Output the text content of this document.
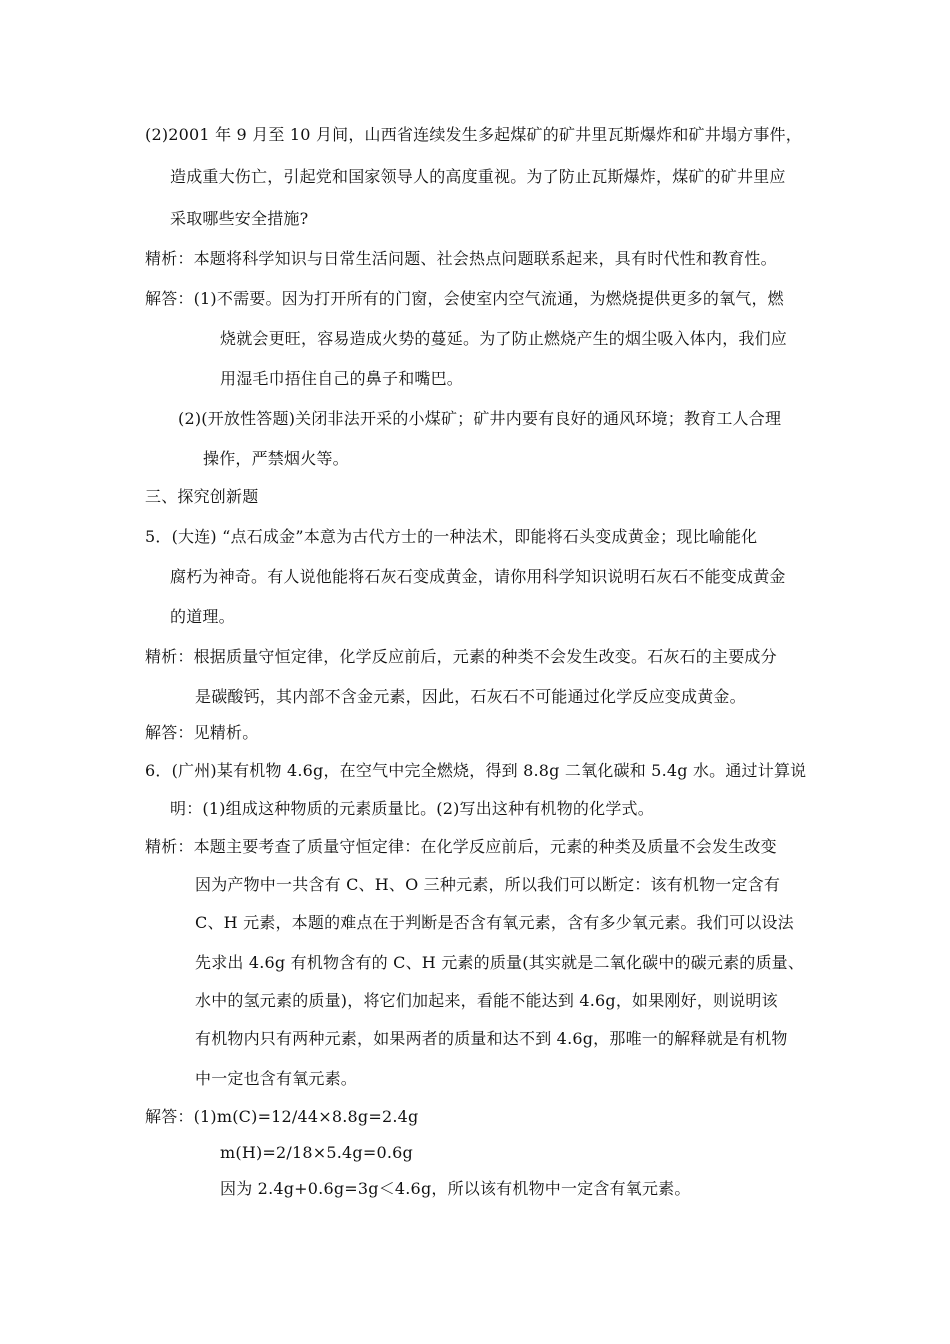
(2)2001 年 9 月至 10 月间，山西省连续发生多起煤矿的矿井里瓦斯爆炸和矿井塌方事件，
造成重大伤亡，引起党和国家领导人的高度重视。为了防止瓦斯爆炸，煤矿的矿井里应
采取哪些安全措施?
精析：本题将科学知识与日常生活问题、社会热点问题联系起来，具有时代性和教育性。
解答：(1)不需要。因为打开所有的门窗，会使室内空气流通，为燃烧提供更多的氧气，燃
烧就会更旺，容易造成火势的蔓延。为了防止燃烧产生的烟尘吸入体内，我们应
用湿毛巾捂住自己的鼻子和嘴巴。
(2)(开放性答题)关闭非法开采的小煤矿；矿井内要有良好的通风环境；教育工人合理
操作，严禁烟火等。
三、探究创新题
5．(大连) “点石成金”本意为古代方士的一种法术，即能将石头变成黄金；现比喻能化
腐朽为神奇。有人说他能将石灰石变成黄金，请你用科学知识说明石灰石不能变成黄金
的道理。
精析：根据质量守恒定律，化学反应前后，元素的种类不会发生改变。石灰石的主要成分
是碳酸钙，其内部不含金元素，因此，石灰石不可能通过化学反应变成黄金。
解答：见精析。
6．(广州)某有机物 4.6g，在空气中完全燃烧，得到 8.8g 二氧化碳和 5.4g 水。通过计算说
明：(1)组成这种物质的元素质量比。(2)写出这种有机物的化学式。
精析：本题主要考查了质量守恒定律：在化学反应前后，元素的种类及质量不会发生改变
因为产物中一共含有 C、H、O 三种元素，所以我们可以断定：该有机物一定含有
C、H 元素，本题的难点在于判断是否含有氧元素，含有多少氧元素。我们可以设法
先求出 4.6g 有机物含有的 C、H 元素的质量(其实就是二氧化碳中的碳元素的质量、
水中的氢元素的质量)，将它们加起来，看能不能达到 4.6g，如果刚好，则说明该
有机物内只有两种元素，如果两者的质量和达不到 4.6g，那唯一的解释就是有机物
中一定也含有氧元素。
解答：(1)m(C)=12/44×8.8g=2.4g
m(H)=2/18×5.4g=0.6g
因为 2.4g+0.6g=3g＜4.6g，所以该有机物中一定含有氧元素。
